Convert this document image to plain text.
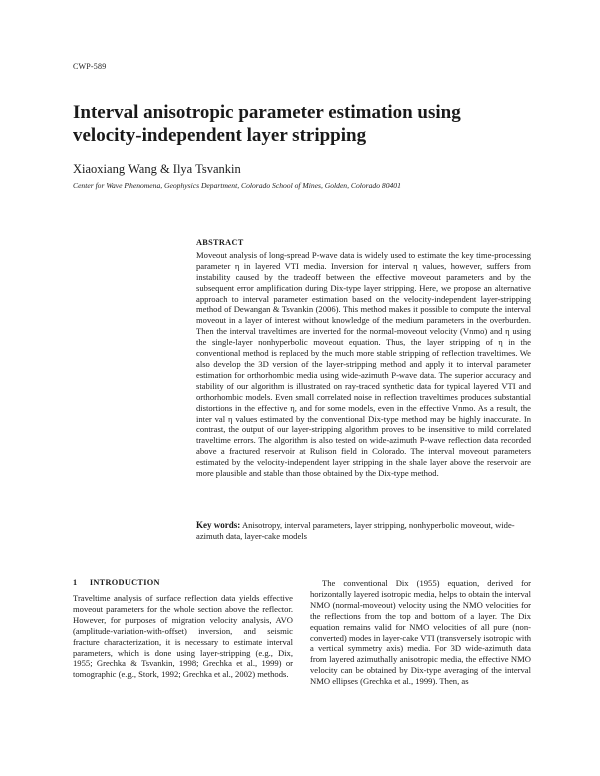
CWP-589
Interval anisotropic parameter estimation using velocity-independent layer stripping
Xiaoxiang Wang & Ilya Tsvankin
Center for Wave Phenomena, Geophysics Department, Colorado School of Mines, Golden, Colorado 80401
ABSTRACT
Moveout analysis of long-spread P-wave data is widely used to estimate the key time-processing parameter η in layered VTI media. Inversion for interval η values, however, suffers from instability caused by the tradeoff between the effective moveout parameters and by the subsequent error amplification during Dix-type layer stripping. Here, we propose an alternative approach to interval parameter estimation based on the velocity-independent layer-stripping method of Dewangan & Tsvankin (2006). This method makes it possible to compute the interval moveout in a layer of interest without knowledge of the medium parameters in the overburden. Then the interval traveltimes are inverted for the normal-moveout velocity (Vnmo) and η using the single-layer nonhyperbolic moveout equation. Thus, the layer stripping of η in the conventional method is replaced by the much more stable stripping of reflection traveltimes. We also develop the 3D version of the layer-stripping method and apply it to interval parameter estimation for orthorhombic media using wide-azimuth P-wave data. The superior accuracy and stability of our algorithm is illustrated on ray-traced synthetic data for typical layered VTI and orthorhombic models. Even small correlated noise in reflection traveltimes produces substantial distortions in the effective η, and for some models, even in the effective Vnmo. As a result, the inter val η values estimated by the conventional Dix-type method may be highly inaccurate. In contrast, the output of our layer-stripping algorithm proves to be insensitive to mild correlated traveltime errors. The algorithm is also tested on wide-azimuth P-wave reflection data recorded above a fractured reservoir at Rulison field in Colorado. The interval moveout parameters estimated by the velocity-independent layer stripping in the shale layer above the reservoir are more plausible and stable than those obtained by the Dix-type method.
Key words: Anisotropy, interval parameters, layer stripping, nonhyperbolic moveout, wide-azimuth data, layer-cake models
1 INTRODUCTION
Traveltime analysis of surface reflection data yields effective moveout parameters for the whole section above the reflector. However, for purposes of migration velocity analysis, AVO (amplitude-variation-with-offset) inversion, and seismic fracture characterization, it is necessary to estimate interval parameters, which is done using layer-stripping (e.g., Dix, 1955; Grechka & Tsvankin, 1998; Grechka et al., 1999) or tomographic (e.g., Stork, 1992; Grechka et al., 2002) methods.
The conventional Dix (1955) equation, derived for horizontally layered isotropic media, helps to obtain the interval NMO (normal-moveout) velocity using the NMO velocities for the reflections from the top and bottom of a layer. The Dix equation remains valid for NMO velocities of all pure (non-converted) modes in layer-cake VTI (transversely isotropic with a vertical symmetry axis) media. For 3D wide-azimuth data from layered azimuthally anisotropic media, the effective NMO velocity can be obtained by Dix-type averaging of the interval NMO ellipses (Grechka et al., 1999). Then, as
